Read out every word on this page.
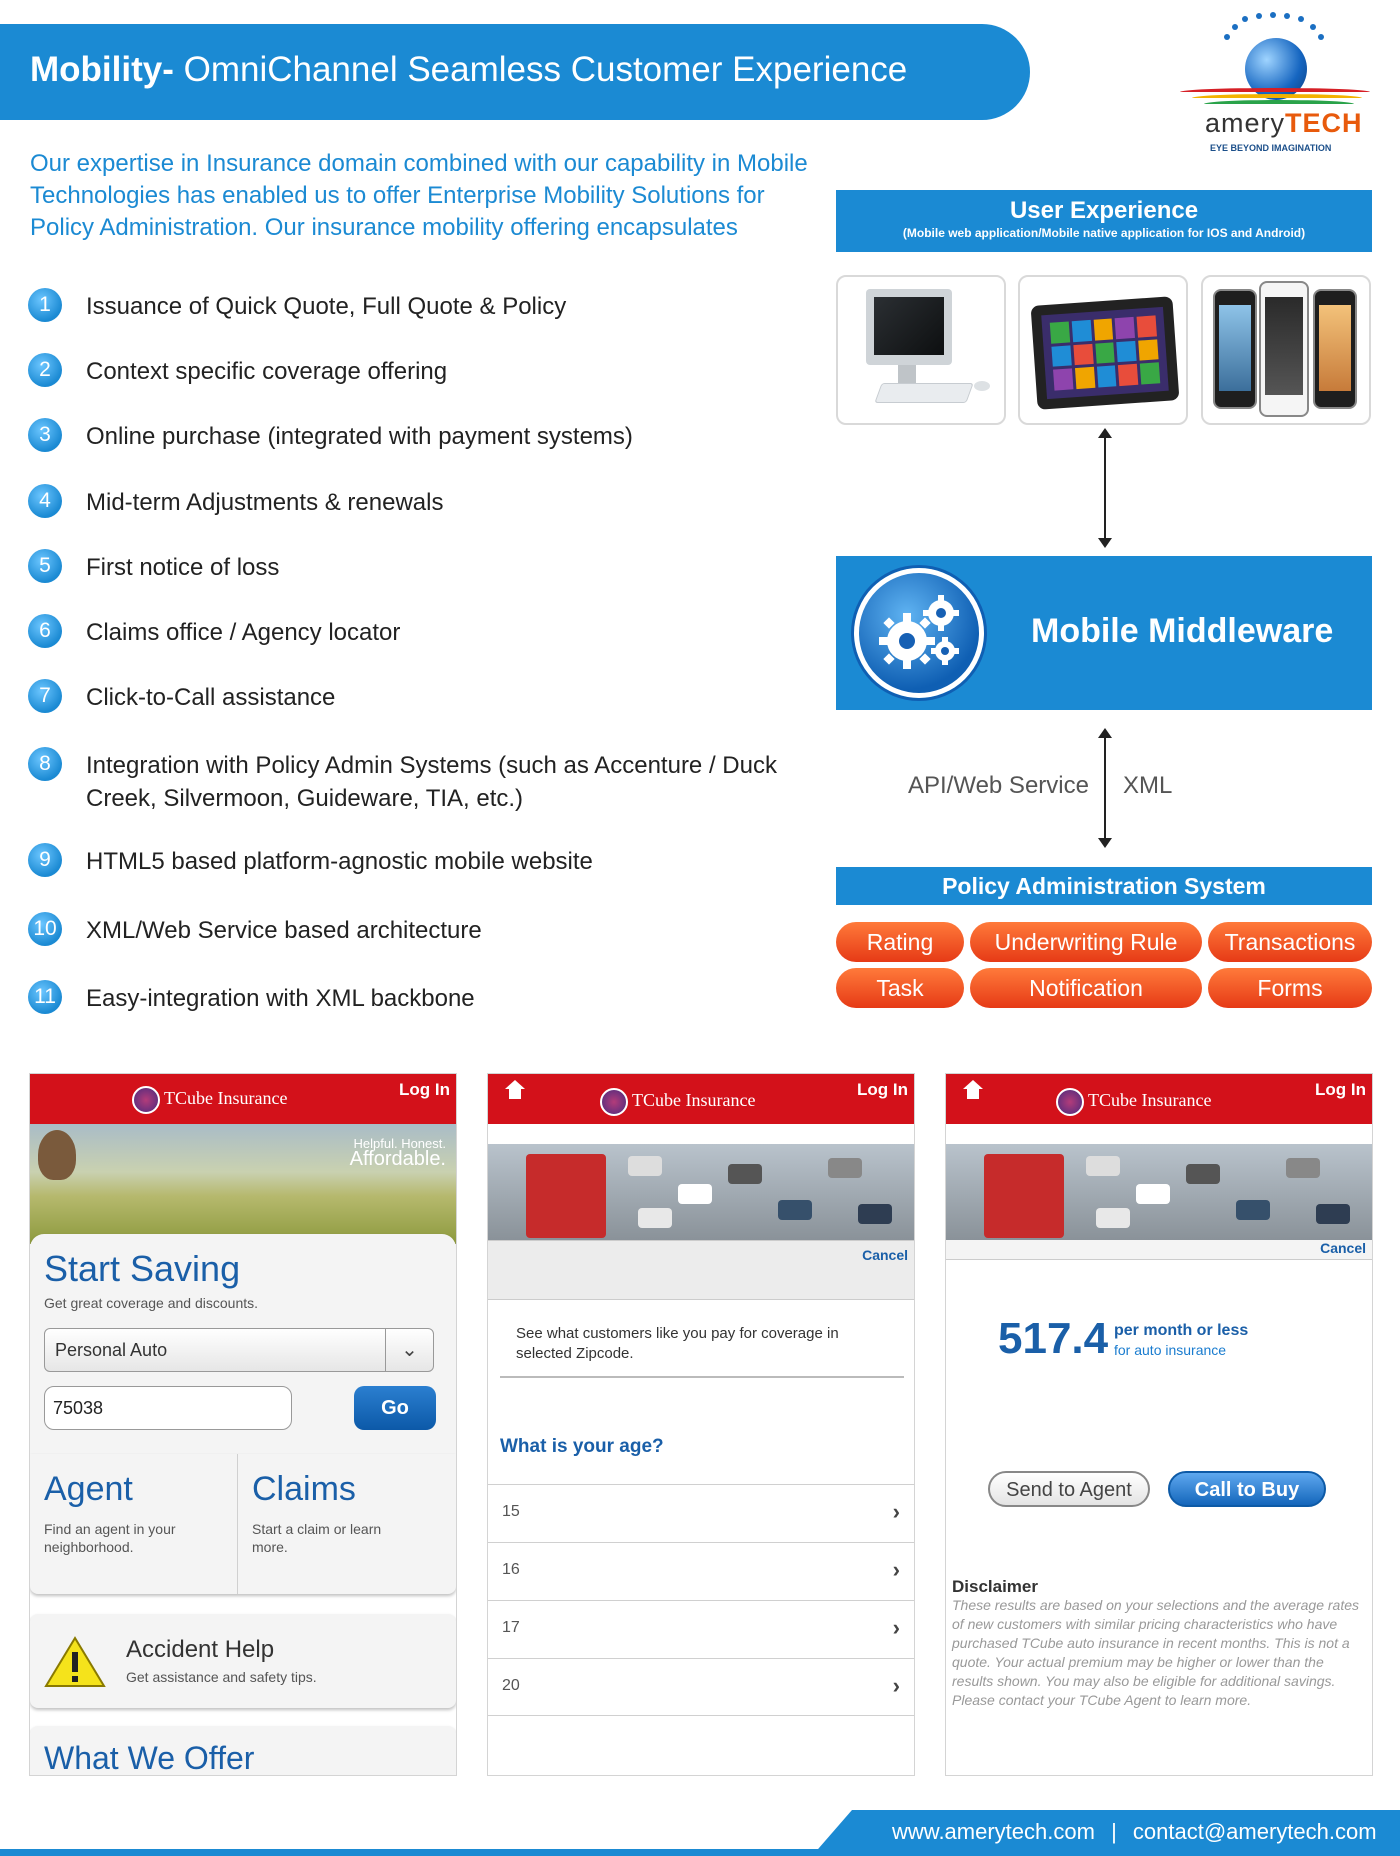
Mobility- OmniChannel Seamless Customer Experience
ameryTECH
EYE BEYOND IMAGINATION
Our expertise in Insurance domain combined with our capability in Mobile Technologies has enabled us to offer Enterprise Mobility Solutions for Policy Administration. Our insurance mobility offering encapsulates
1	Issuance of Quick Quote, Full Quote & Policy
2	Context specific coverage offering
3	Online purchase (integrated with payment systems)
4	Mid-term Adjustments & renewals
5	First notice of loss
6	Claims office / Agency locator
7	Click-to-Call assistance
8	Integration with Policy Admin Systems (such as Accenture / Duck Creek, Silvermoon, Guideware, TIA, etc.)
9	HTML5 based platform-agnostic mobile website
10 XML/Web Service based architecture
11 Easy-integration with XML backbone
User Experience
(Mobile web application/Mobile native application for IOS and Android)
Mobile Middleware
API/Web Service XML
Policy Administration System
Rating	Underwriting Rule	Transactions
Task	Notification	Forms
TCube Insurance	Log In
Helpful. Honest.
Affordable.
Start Saving
Get great coverage and discounts.
Personal Auto	⌄
75038	Go
Agent
Find an agent in your neighborhood.
Claims
Start a claim or learn more.
Accident Help
Get assistance and safety tips.
What We Offer
TCube Insurance
Log In
Cancel
See what customers like you pay for coverage in selected Zipcode.
What is your age?
15	›
16	›
17	›
20	›
TCube Insurance
Log In
Cancel
517.4 per month or less
for auto insurance
Send to Agent	Call to Buy
Disclaimer
These results are based on your selections and the average rates of new customers with similar pricing characteristics who have purchased TCube auto insurance in recent months. This is not a quote. Your actual premium may be higher or lower than the results shown. You may also be eligible for additional savings. Please contact your TCube Agent to learn more.
www.amerytech.com | contact@amerytech.com
